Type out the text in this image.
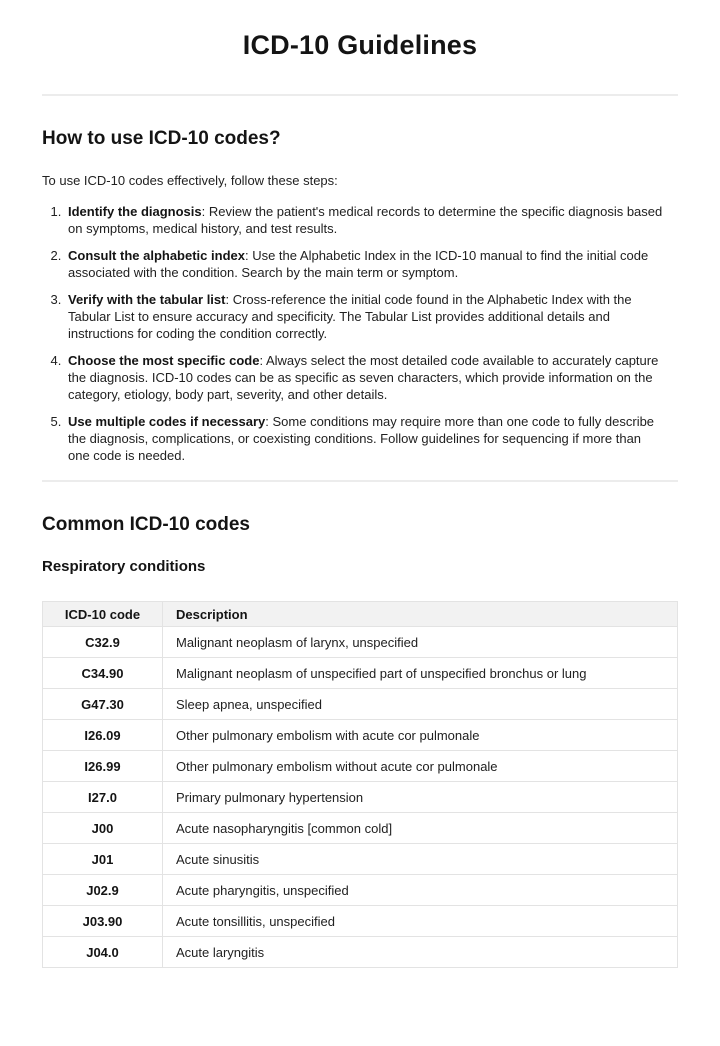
ICD-10 Guidelines
How to use ICD-10 codes?

To use ICD-10 codes effectively, follow these steps:

1. Identify the diagnosis: Review the patient's medical records to determine the specific diagnosis based on symptoms, medical history, and test results.
2. Consult the alphabetic index: Use the Alphabetic Index in the ICD-10 manual to find the initial code associated with the condition. Search by the main term or symptom.
3. Verify with the tabular list: Cross-reference the initial code found in the Alphabetic Index with the Tabular List to ensure accuracy and specificity. The Tabular List provides additional details and instructions for coding the condition correctly.
4. Choose the most specific code: Always select the most detailed code available to accurately capture the diagnosis. ICD-10 codes can be as specific as seven characters, which provide information on the category, etiology, body part, severity, and other details.
5. Use multiple codes if necessary: Some conditions may require more than one code to fully describe the diagnosis, complications, or coexisting conditions. Follow guidelines for sequencing if more than one code is needed.
Common ICD-10 codes
Respiratory conditions
ICD-10 code	Description
C32.9	Malignant neoplasm of larynx, unspecified
C34.90	Malignant neoplasm of unspecified part of unspecified bronchus or lung
G47.30	Sleep apnea, unspecified
I26.09	Other pulmonary embolism with acute cor pulmonale
I26.99	Other pulmonary embolism without acute cor pulmonale
I27.0	Primary pulmonary hypertension
J00	Acute nasopharyngitis [common cold]
J01	Acute sinusitis
J02.9	Acute pharyngitis, unspecified
J03.90	Acute tonsillitis, unspecified
J04.0	Acute laryngitis
